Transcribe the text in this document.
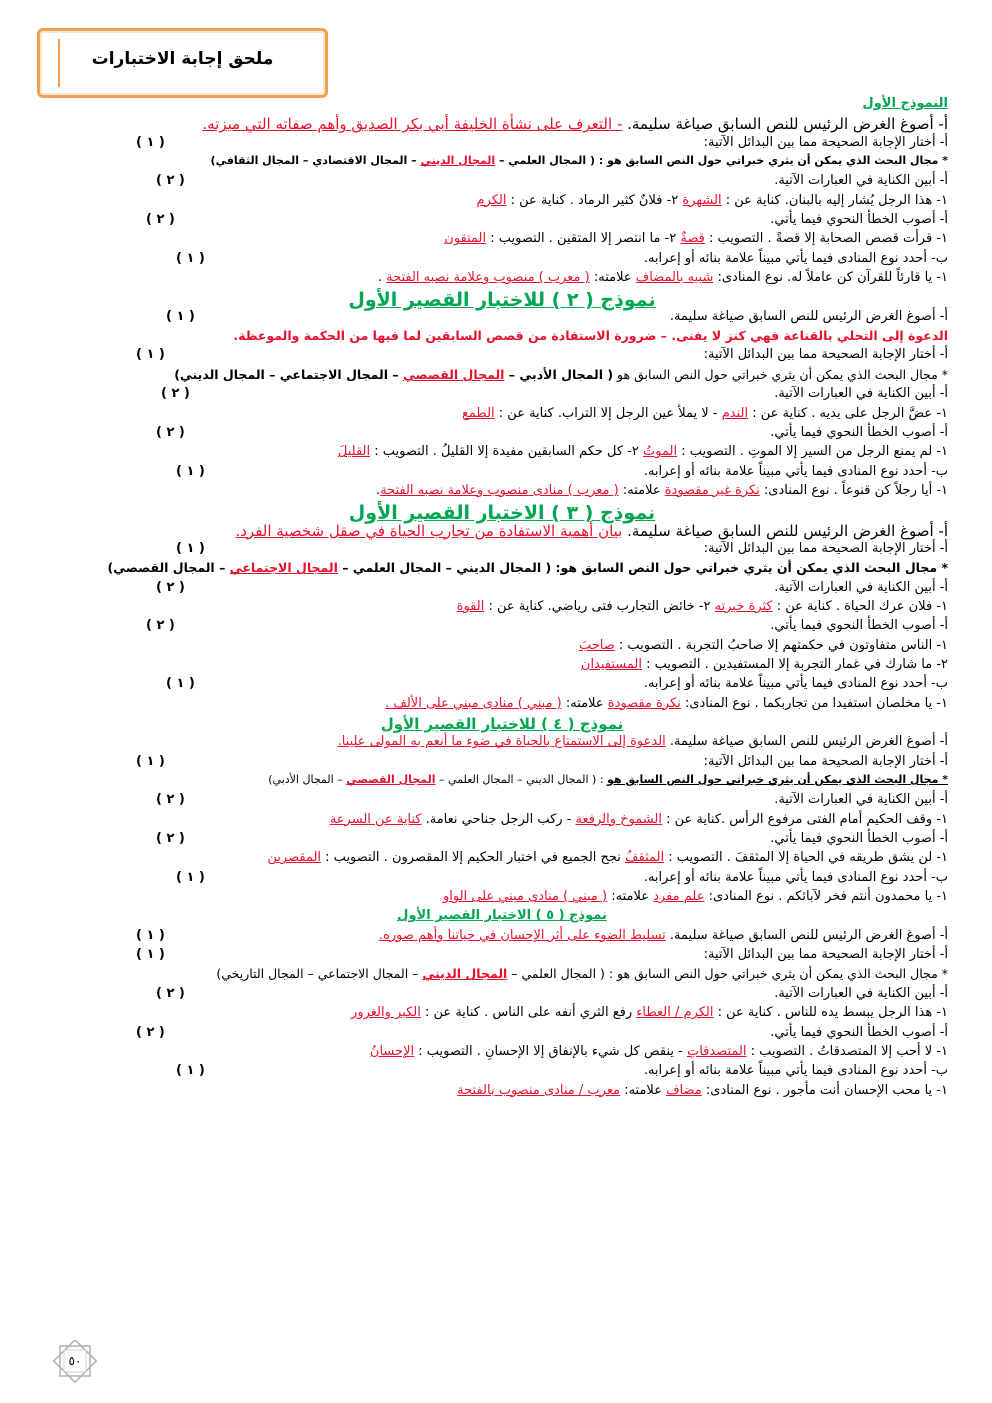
ملحق إجابة الاختبارات
النموذج الأول
أ- أصوغ الغرض الرئيس للنص السابق صياغة سليمة. - التعرف على نشأة الخليفة أبي بكر الصديق وأهم صفاته التي ميزته.
أ- أختار الإجابة الصحيحة مما بين البدائل الآتية:
( ١ )
* مجال البحث الذي يمكن أن يثري خبراتي حول النص السابق هو : ( المجال العلمي – المجال الديني – المجال الاقتصادي – المجال الثقافي)
أ- أبين الكناية في العبارات الآتية.
( ٢ )
١- هذا الرجل يُشار إليه بالبنان. كناية عن : الشهرة ٢- فلانٌ كثير الرماد . كناية عن : الكرم
أ- أصوب الخطأ النحوي فيما يأتي.
( ٢ )
١- قرأت قصص الصحابة إلا قصةً . التصويب : قصةٌ ٢- ما انتصر إلا المتقين . التصويب : المتقون
ب- أحدد نوع المنادى فيما يأتي مبيناً علامة بنائه أو إعرابه.
( ١ )
١- يا قارئاً للقرآن كن عاملاً له. نوع المنادى: شبيه بالمضاف علامته: ( معرب ) منصوب وعلامة نصبه الفتحة .
نموذج ( ٢ ) للاختبار القصير الأول
أ- أصوغ الغرض الرئيس للنص السابق صياغة سليمة.
( ١ )
الدعوة إلى التحلي بالقناعة فهي كنز لا يفنى. – ضرورة الاستفادة من قصص السابقين لما فيها من الحكمة والموعظة.
أ- أختار الإجابة الصحيحة مما بين البدائل الآتية:
( ١ )
* مجال البحث الذي يمكن أن يثري خبراتي حول النص السابق هو ( المجال الأدبي – المجال القصصي – المجال الاجتماعي – المجال الديني)
أ- أبين الكناية في العبارات الآتية.
( ٢ )
١- عضَّ الرجل على يديه . كناية عن : الندم - لا يملأ عين الرجل إلا التراب. كناية عن : الطمع
أ- أصوب الخطأ النحوي فيما يأتي.
( ٢ )
١- لم يمنع الرجل من السير إلا الموتِ . التصويب : الموتُ ٢- كل حكم السابقين مفيدة إلا القليلُ . التصويب : القليلَ
ب- أحدد نوع المنادى فيما يأتي مبيناً علامة بنائه أو إعرابه.
( ١ )
١- أيا رجلاً كن قنوعاً . نوع المنادى: نكرة غير مقصودة علامته: ( معرب ) منادى منصوب وعلامة نصبه الفتحة.
نموذج ( ٣ ) الاختبار القصير الأول
أ- أصوغ الغرض الرئيس للنص السابق صياغة سليمة. بيان أهمية الاستفادة من تجارب الحياة في صقل شخصية الفرد.
أ- أختار الإجابة الصحيحة مما بين البدائل الآتية:
( ١ )
* مجال البحث الذي يمكن أن يثري خبراتي حول النص السابق هو: ( المجال الديني – المجال العلمي – المجال الاجتماعي – المجال القصصي)
أ- أبين الكناية في العبارات الآتية.
( ٢ )
١- فلان عرك الحياة . كناية عن : كثرة خبرته ٢- خائض التجارب فتى رياضي. كناية عن : القوة
أ- أصوب الخطأ النحوي فيما يأتي.
( ٢ )
١- الناس متفاوتون في حكمتهم إلا صاحبُ التجربة . التصويب : صاحبَ
٢- ما شارك في غمار التجربة إلا المستفيدين . التصويب : المستفيدان
ب- أحدد نوع المنادى فيما يأتي مبيناً علامة بنائه أو إعرابه.
( ١ )
١- يا مخلصان استفيدا من تجاربكما . نوع المنادى: نكرة مقصودة علامته: ( مبني ) منادى مبني على الألف .
نموذج ( ٤ ) للاختبار القصير الأول
أ- أصوغ الغرض الرئيس للنص السابق صياغة سليمة. الدعوة إلى الاستمتاع بالحياة في ضوء ما أنعم به المولى علينا.
أ- أختار الإجابة الصحيحة مما بين البدائل الآتية:
( ١ )
* مجال البحث الذي يمكن أن يثري خبراتي حول النص السابق هو : ( المجال الديني – المجال العلمي – المجال القصصي – المجال الأدبي)
أ- أبين الكناية في العبارات الآتية.
( ٢ )
١- وقف الحكيم أمام الفتى مرفوع الرأس .كناية عن : الشموخ والرفعة - ركب الرجل جناحي نعامة. كناية عن السرعة
أ- أصوب الخطأ النحوي فيما يأتي.
( ٢ )
١- لن يشق طريقه في الحياة إلا المثقفَ . التصويب : المثقفُ نجح الجميع في اختبار الحكيم إلا المقصرون . التصويب : المقصرين
ب- أحدد نوع المنادى فيما يأتي مبيناً علامة بنائه أو إعرابه.
( ١ )
١- يا محمدون أنتم فخر لآبائكم . نوع المنادى: علم مفرد علامته: ( مبني ) منادى مبني على الواو
نموذج ( ٥ ) الاختبار القصير الأول
أ- أصوغ الغرض الرئيس للنص السابق صياغة سليمة. تسليط الضوء على أثر الإحسان في حياتنا وأهم صوره.
( ١ )
أ- أختار الإجابة الصحيحة مما بين البدائل الآتية:
( ١ )
* مجال البحث الذي يمكن أن يثري خبراتي حول النص السابق هو : ( المجال العلمي – المجال الديني – المجال الاجتماعي – المجال التاريخي)
أ- أبين الكناية في العبارات الآتية.
( ٢ )
١- هذا الرجل يبسط يده للناس . كناية عن : الكرم / العطاء رفع الثري أنفه على الناس . كناية عن : الكبر والغرور
أ- أصوب الخطأ النحوي فيما يأتي.
( ٢ )
١- لا أحب إلا المتصدقاتُ . التصويب : المتصدقاتِ - ينقص كل شيء بالإنفاق إلا الإحسانِ . التصويب : الإحسانُ
ب- أحدد نوع المنادى فيما يأتي مبيناً علامة بنائه أو إعرابه.
( ١ )
١- يا محب الإحسان أنت مأجور . نوع المنادى: مضاف علامته: معرب / منادى منصوب بالفتحة
٥٠
